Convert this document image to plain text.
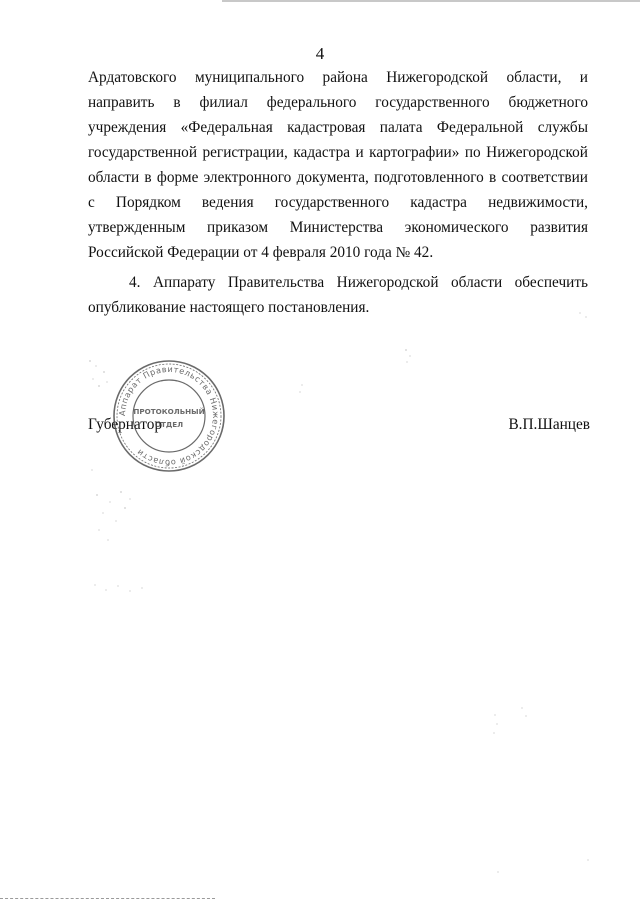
4
Ардатовского муниципального района Нижегородской области, и
направить в филиал федерального государственного бюджетного
учреждения «Федеральная кадастровая палата Федеральной службы
государственной регистрации, кадастра и картографии» по Нижегородской
области в форме электронного документа, подготовленного в соответствии
с Порядком ведения государственного кадастра недвижимости,
утвержденным приказом Министерства экономического развития
Российской Федерации от 4 февраля 2010 года № 42.
4. Аппарату Правительства Нижегородской области обеспечить
опубликование настоящего постановления.
Губернатор	В.П.Шанцев
Аппарат Правительства Нижегородской области
ПРОТОКОЛЬНЫЙ
ОТДЕЛ
